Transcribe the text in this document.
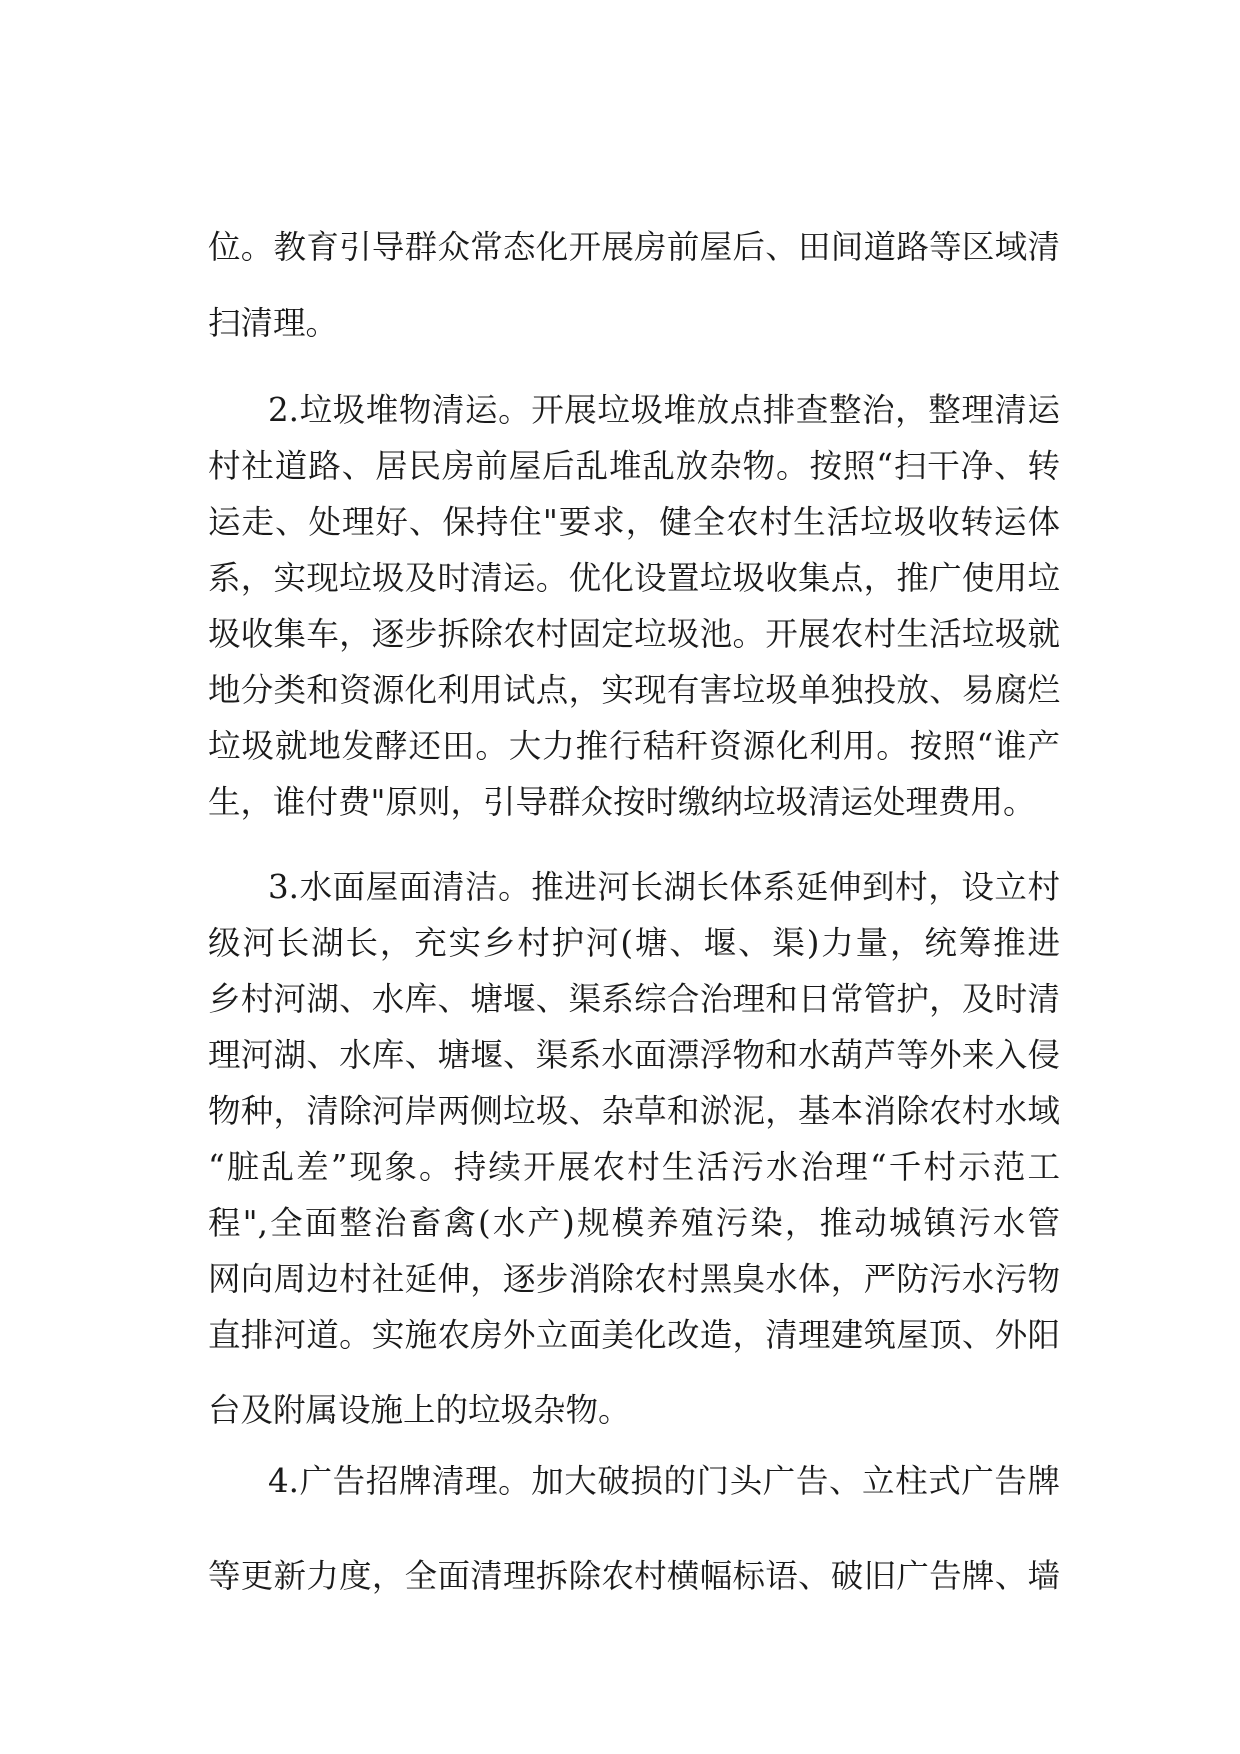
位。教育引导群众常态化开展房前屋后、田间道路等区域清
扫清理。
2.垃圾堆物清运。开展垃圾堆放点排查整治，整理清运
村社道路、居民房前屋后乱堆乱放杂物。按照“扫干净、转
运走、处理好、保持住"要求，健全农村生活垃圾收转运体
系，实现垃圾及时清运。优化设置垃圾收集点，推广使用垃
圾收集车，逐步拆除农村固定垃圾池。开展农村生活垃圾就
地分类和资源化利用试点，实现有害垃圾单独投放、易腐烂
垃圾就地发酵还田。大力推行秸秆资源化利用。按照“谁产
生，谁付费"原则，引导群众按时缴纳垃圾清运处理费用。
3.水面屋面清洁。推进河长湖长体系延伸到村，设立村
级河长湖长，充实乡村护河(塘、堰、渠)力量，统筹推进
乡村河湖、水库、塘堰、渠系综合治理和日常管护，及时清
理河湖、水库、塘堰、渠系水面漂浮物和水葫芦等外来入侵
物种，清除河岸两侧垃圾、杂草和淤泥，基本消除农村水域
“脏乱差”现象。持续开展农村生活污水治理“千村示范工
程",全面整治畜禽(水产)规模养殖污染，推动城镇污水管
网向周边村社延伸，逐步消除农村黑臭水体，严防污水污物
直排河道。实施农房外立面美化改造，清理建筑屋顶、外阳
台及附属设施上的垃圾杂物。
4.广告招牌清理。加大破损的门头广告、立柱式广告牌
等更新力度，全面清理拆除农村横幅标语、破旧广告牌、墙
